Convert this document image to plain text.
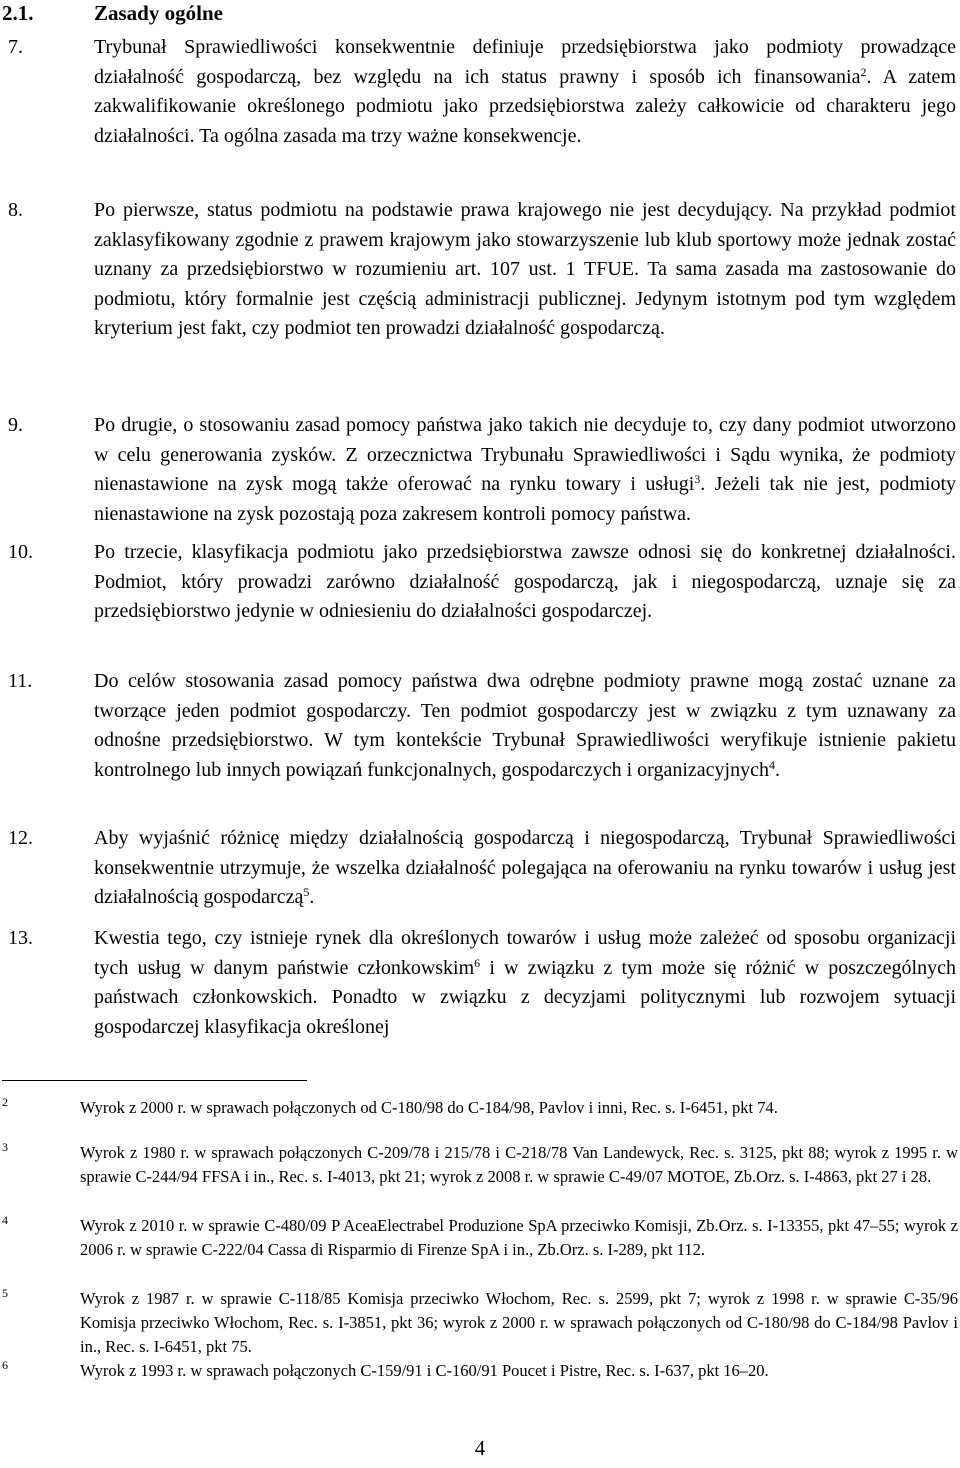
2.1.	Zasady ogólne
7.	Trybunał Sprawiedliwości konsekwentnie definiuje przedsiębiorstwa jako podmioty prowadzące działalność gospodarczą, bez względu na ich status prawny i sposób ich finansowania$^2$. A zatem zakwalifikowanie określonego podmiotu jako przedsiębiorstwa zależy całkowicie od charakteru jego działalności. Ta ogólna zasada ma trzy ważne konsekwencje.
8.	Po pierwsze, status podmiotu na podstawie prawa krajowego nie jest decydujący. Na przykład podmiot zaklasyfikowany zgodnie z prawem krajowym jako stowarzyszenie lub klub sportowy może jednak zostać uznany za przedsiębiorstwo w rozumieniu art. 107 ust. 1 TFUE. Ta sama zasada ma zastosowanie do podmiotu, który formalnie jest częścią administracji publicznej. Jedynym istotnym pod tym względem kryterium jest fakt, czy podmiot ten prowadzi działalność gospodarczą.
9.	Po drugie, o stosowaniu zasad pomocy państwa jako takich nie decyduje to, czy dany podmiot utworzono w celu generowania zysków. Z orzecznictwa Trybunału Sprawiedliwości i Sądu wynika, że podmioty nienastawione na zysk mogą także oferować na rynku towary i usługi$^3$. Jeżeli tak nie jest, podmioty nienastawione na zysk pozostają poza zakresem kontroli pomocy państwa.
10.	Po trzecie, klasyfikacja podmiotu jako przedsiębiorstwa zawsze odnosi się do konkretnej działalności. Podmiot, który prowadzi zarówno działalność gospodarczą, jak i niegospodarczą, uznaje się za przedsiębiorstwo jedynie w odniesieniu do działalności gospodarczej.
11.	Do celów stosowania zasad pomocy państwa dwa odrębne podmioty prawne mogą zostać uznane za tworzące jeden podmiot gospodarczy. Ten podmiot gospodarczy jest w związku z tym uznawany za odnośne przedsiębiorstwo. W tym kontekście Trybunał Sprawiedliwości weryfikuje istnienie pakietu kontrolnego lub innych powiązań funkcjonalnych, gospodarczych i organizacyjnych$^4$.
12.	Aby wyjaśnić różnicę między działalnością gospodarczą i niegospodarczą, Trybunał Sprawiedliwości konsekwentnie utrzymuje, że wszelka działalność polegająca na oferowaniu na rynku towarów i usług jest działalnością gospodarczą$^5$.
13.	Kwestia tego, czy istnieje rynek dla określonych towarów i usług może zależeć od sposobu organizacji tych usług w danym państwie członkowskim$^6$ i w związku z tym może się różnić w poszczególnych państwach członkowskich. Ponadto w związku z decyzjami politycznymi lub rozwojem sytuacji gospodarczej klasyfikacja określonej
2	Wyrok z 2000 r. w sprawach połączonych od C-180/98 do C-184/98, Pavlov i inni, Rec. s. I-6451, pkt 74.
3	Wyrok z 1980 r. w sprawach połączonych C-209/78 i 215/78 i C-218/78 Van Landewyck, Rec. s. 3125, pkt 88; wyrok z 1995 r. w sprawie C-244/94 FFSA i in., Rec. s. I-4013, pkt 21; wyrok z 2008 r. w sprawie C-49/07 MOTOE, Zb.Orz. s. I-4863, pkt 27 i 28.
4	Wyrok z 2010 r. w sprawie C-480/09 P AceaElectrabel Produzione SpA przeciwko Komisji, Zb.Orz. s. I-13355, pkt 47–55; wyrok z 2006 r. w sprawie C-222/04 Cassa di Risparmio di Firenze SpA i in., Zb.Orz. s. I-289, pkt 112.
5	Wyrok z 1987 r. w sprawie C-118/85 Komisja przeciwko Włochom, Rec. s. 2599, pkt 7; wyrok z 1998 r. w sprawie C-35/96 Komisja przeciwko Włochom, Rec. s. I-3851, pkt 36; wyrok z 2000 r. w sprawach połączonych od C-180/98 do C-184/98 Pavlov i in., Rec. s. I-6451, pkt 75.
6	Wyrok z 1993 r. w sprawach połączonych C-159/91 i C-160/91 Poucet i Pistre, Rec. s. I-637, pkt 16–20.
4
